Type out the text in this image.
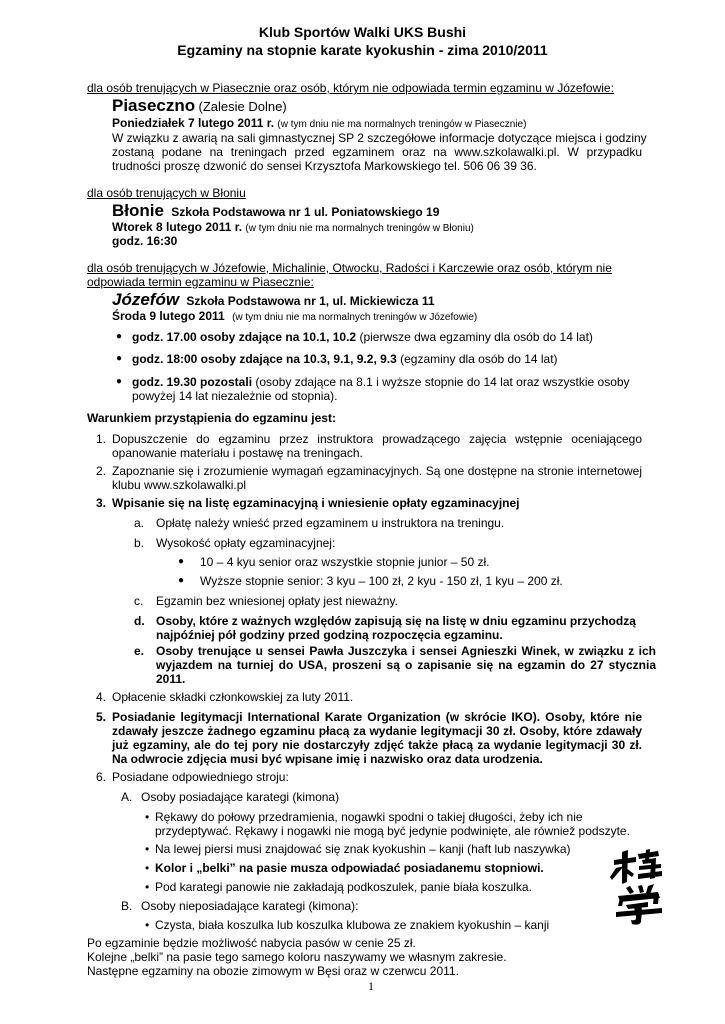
Klub Sportów Walki UKS Bushi
Egzaminy na stopnie karate kyokushin - zima 2010/2011
dla osób trenujących w Piasecznie oraz osób, którym nie odpowiada termin egzaminu w Józefowie:
Piaseczno (Zalesie Dolne)
Poniedziałek 7 lutego 2011 r. (w tym dniu nie ma normalnych treningów w Piasecznie)
W związku z awarią na sali gimnastycznej SP 2 szczegółowe informacje dotyczące miejsca i godziny
zostaną podane na treningach przed egzaminem oraz na www.szkolawalki.pl. W przypadku
trudności proszę dzwonić do sensei Krzysztofa Markowskiego tel. 506 06 39 36.
dla osób trenujących w Błoniu
Błonie Szkoła Podstawowa nr 1 ul. Poniatowskiego 19
Wtorek 8 lutego 2011 r. (w tym dniu nie ma normalnych treningów w Błoniu)
godz. 16:30
dla osób trenujących w Józefowie, Michalinie, Otwocku, Radości i Karczewie oraz osób, którym nie
odpowiada termin egzaminu w Piasecznie:
Józefów Szkoła Podstawowa nr 1, ul. Mickiewicza 11
Środa 9 lutego 2011 (w tym dniu nie ma normalnych treningów w Józefowie)
● godz. 17.00 osoby zdające na 10.1, 10.2 (pierwsze dwa egzaminy dla osób do 14 lat)
● godz. 18:00 osoby zdające na 10.3, 9.1, 9.2, 9.3 (egzaminy dla osób do 14 lat)
● godz. 19.30 pozostali (osoby zdające na 8.1 i wyższe stopnie do 14 lat oraz wszystkie osoby
powyżej 14 lat niezależnie od stopnia).
Warunkiem przystąpienia do egzaminu jest:
1. Dopuszczenie do egzaminu przez instruktora prowadzącego zajęcia wstępnie oceniającego
opanowanie materiału i postawę na treningach.
2. Zapoznanie się i zrozumienie wymagań egzaminacyjnych. Są one dostępne na stronie internetowej
klubu www.szkolawalki.pl
3. Wpisanie się na listę egzaminacyjną i wniesienie opłaty egzaminacyjnej
a. Opłatę należy wnieść przed egzaminem u instruktora na treningu.
b. Wysokość opłaty egzaminacyjnej:
● 10 – 4 kyu senior oraz wszystkie stopnie junior – 50 zł.
● Wyższe stopnie senior: 3 kyu – 100 zł, 2 kyu - 150 zł, 1 kyu – 200 zł.
c. Egzamin bez wniesionej opłaty jest nieważny.
d. Osoby, które z ważnych względów zapisują się na listę w dniu egzaminu przychodzą
najpóźniej pół godziny przed godziną rozpoczęcia egzaminu.
e. Osoby trenujące u sensei Pawła Juszczyka i sensei Agnieszki Winek, w związku z ich
wyjazdem na turniej do USA, proszeni są o zapisanie się na egzamin do 27 stycznia
2011.
4. Opłacenie składki członkowskiej za luty 2011.
5. Posiadanie legitymacji International Karate Organization (w skrócie IKO). Osoby, które nie
zdawały jeszcze żadnego egzaminu płacą za wydanie legitymacji 30 zł. Osoby, które zdawały
już egzaminy, ale do tej pory nie dostarczyły zdjęć także płacą za wydanie legitymacji 30 zł.
Na odwrocie zdjęcia musi być wpisane imię i nazwisko oraz data urodzenia.
6. Posiadane odpowiedniego stroju:
A. Osoby posiadające karategi (kimona)
• Rękawy do połowy przedramienia, nogawki spodni o takiej długości, żeby ich nie
przydeptywać. Rękawy i nogawki nie mogą być jedynie podwinięte, ale równiež podszyte.
• Na lewej piersi musi znajdować się znak kyokushin – kanji (haft lub naszywka)
• Kolor i „belki” na pasie musza odpowiadać posiadanemu stopniowi.
• Pod karategi panowie nie zakładają podkoszulek, panie biała koszulka.
B. Osoby nieposiadające karategi (kimona):
• Czysta, biała koszulka lub koszulka klubowa ze znakiem kyokushin – kanji
Po egzaminie będzie możliwość nabycia pasów w cenie 25 zł.
Kolejne „belki” na pasie tego samego koloru naszywamy we własnym zakresie.
Następne egzaminy na obozie zimowym w Bęsi oraz w czerwcu 2011.
1
